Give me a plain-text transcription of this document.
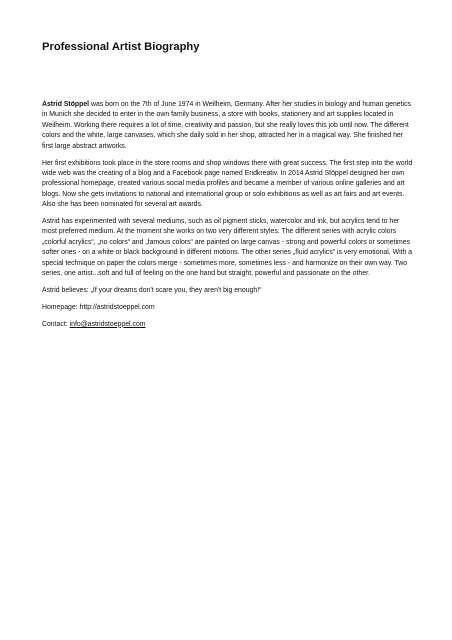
Professional Artist Biography

Astrid Stöppel was born on the 7th of June 1974 in Weilheim, Germany. After her studies in biology and human genetics in Munich she decided to enter in the own family business, a store with books, stationery and art supplies located in Weilheim. Working there requires a lot of time, creativity and passion, but she really loves this job until now. The different colors and the white, large canvases, which she daily sold in her shop, attracted her in a magical way. She finished her first large abstract artworks.

Her first exhibitions took place in the store rooms and shop windows there with great success. The first step into the world wide web was the creating of a blog and a Facebook page named Endkreativ. In 2014 Astrid Stöppel designed her own professional homepage, created various social media profiles and became a member of various online galleries and art blogs. Now she gets invitations to national and international group or solo exhibitions as well as art fairs and art events. Also she has been nominated for several art awards.

Astrid has experimented with several mediums, such as oil pigment sticks, watercolor and ink, but acrylics tend to her most preferred medium. At the moment she works on two very different styles. The different series with acrylic colors „colorful acrylics“, „no colors“ and „famous colors“ are painted on large canvas - strong and powerful colors or sometimes softer ones - on a white or black background in different motions. The other series „fluid acrylics“ is very emotional. With a special technique on paper the colors merge - sometimes more, sometimes less - and harmonize on their own way. Two series, one artist...soft and full of feeling on the one hand but straight, powerful and passionate on the other.

Astrid believes: „If your dreams don't scare you, they aren't big enough!“

Homepage: http://astridstoeppel.com

Contact: info@astridstoeppel.com
